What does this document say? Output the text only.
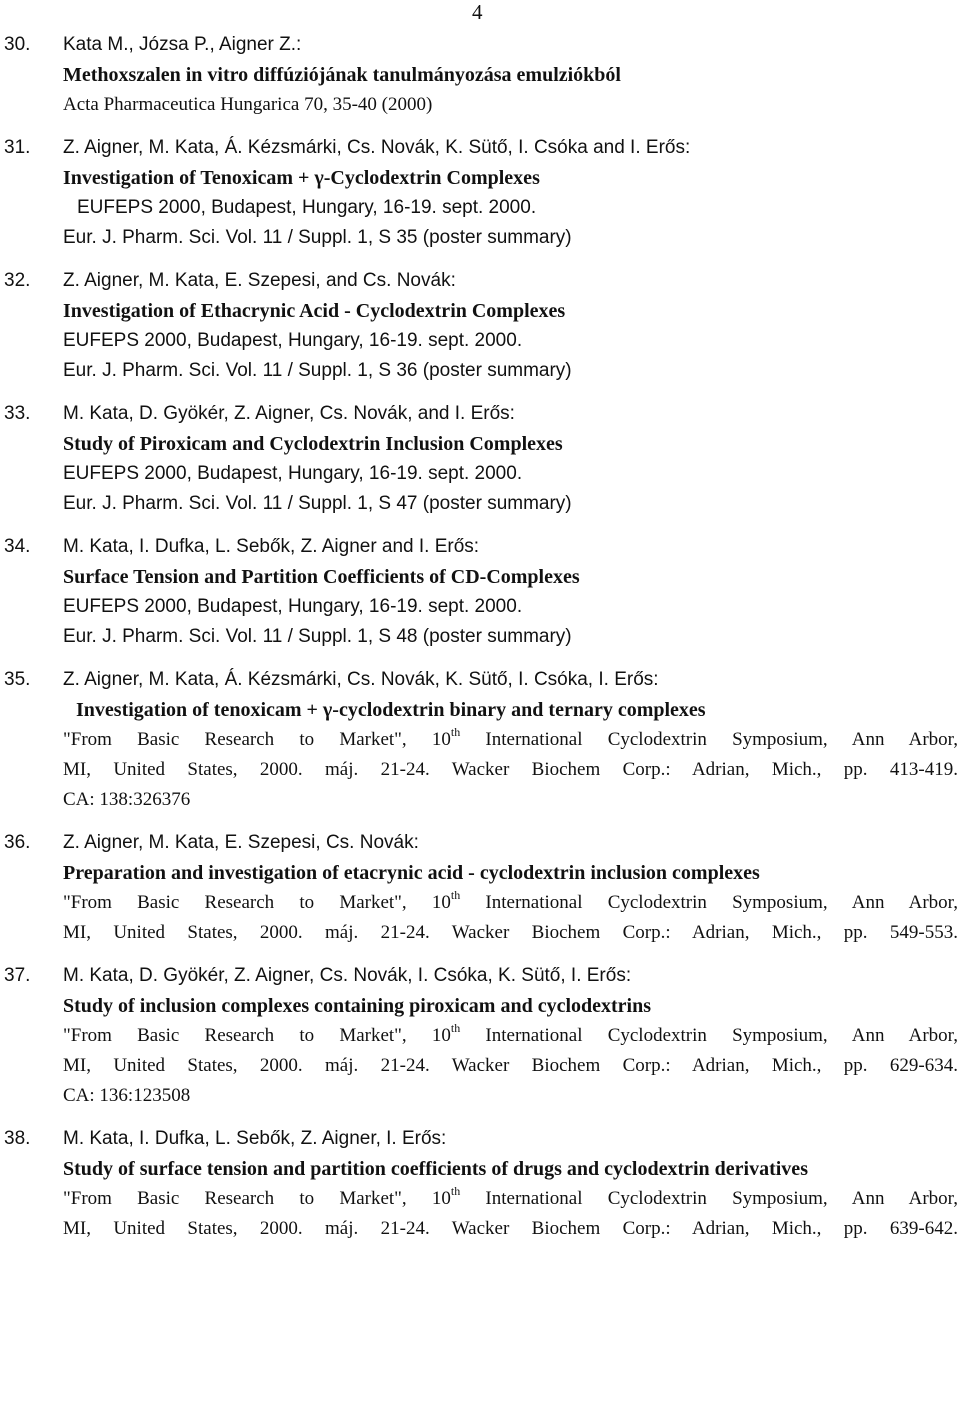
4
30. Kata M., Józsa P., Aigner Z.:
Methoxszalen in vitro diffúziójának tanulmányozása emulziókból
Acta Pharmaceutica Hungarica 70, 35-40 (2000)
31. Z. Aigner, M. Kata, Á. Kézsmárki, Cs. Novák, K. Sütő, I. Csóka and I. Erős:
Investigation of Tenoxicam + γ-Cyclodextrin Complexes
EUFEPS 2000, Budapest, Hungary, 16-19. sept. 2000.
Eur. J. Pharm. Sci. Vol. 11 / Suppl. 1, S 35 (poster summary)
32. Z. Aigner, M. Kata, E. Szepesi, and Cs. Novák:
Investigation of Ethacrynic Acid - Cyclodextrin Complexes
EUFEPS 2000, Budapest, Hungary, 16-19. sept. 2000.
Eur. J. Pharm. Sci. Vol. 11 / Suppl. 1, S 36 (poster summary)
33. M. Kata, D. Gyökér, Z. Aigner, Cs. Novák, and I. Erős:
Study of Piroxicam and Cyclodextrin Inclusion Complexes
EUFEPS 2000, Budapest, Hungary, 16-19. sept. 2000.
Eur. J. Pharm. Sci. Vol. 11 / Suppl. 1, S 47 (poster summary)
34. M. Kata, I. Dufka, L. Sebők, Z. Aigner and I. Erős:
Surface Tension and Partition Coefficients of CD-Complexes
EUFEPS 2000, Budapest, Hungary, 16-19. sept. 2000.
Eur. J. Pharm. Sci. Vol. 11 / Suppl. 1, S 48 (poster summary)
35. Z. Aigner, M. Kata, Á. Kézsmárki, Cs. Novák, K. Sütő, I. Csóka, I. Erős:
Investigation of tenoxicam + γ-cyclodextrin binary and ternary complexes
"From Basic Research to Market", 10th International Cyclodextrin Symposium, Ann Arbor,
MI, United States, 2000. máj. 21-24. Wacker Biochem Corp.: Adrian, Mich., pp. 413-419.
CA: 138:326376
36. Z. Aigner, M. Kata, E. Szepesi, Cs. Novák:
Preparation and investigation of etacrynic acid - cyclodextrin inclusion complexes
"From Basic Research to Market", 10th International Cyclodextrin Symposium, Ann Arbor,
MI, United States, 2000. máj. 21-24. Wacker Biochem Corp.: Adrian, Mich., pp. 549-553.
37. M. Kata, D. Gyökér, Z. Aigner, Cs. Novák, I. Csóka, K. Sütő, I. Erős:
Study of inclusion complexes containing piroxicam and cyclodextrins
"From Basic Research to Market", 10th International Cyclodextrin Symposium, Ann Arbor,
MI, United States, 2000. máj. 21-24. Wacker Biochem Corp.: Adrian, Mich., pp. 629-634.
CA: 136:123508
38. M. Kata, I. Dufka, L. Sebők, Z. Aigner, I. Erős:
Study of surface tension and partition coefficients of drugs and cyclodextrin derivatives
"From Basic Research to Market", 10th International Cyclodextrin Symposium, Ann Arbor,
MI, United States, 2000. máj. 21-24. Wacker Biochem Corp.: Adrian, Mich., pp. 639-642.
